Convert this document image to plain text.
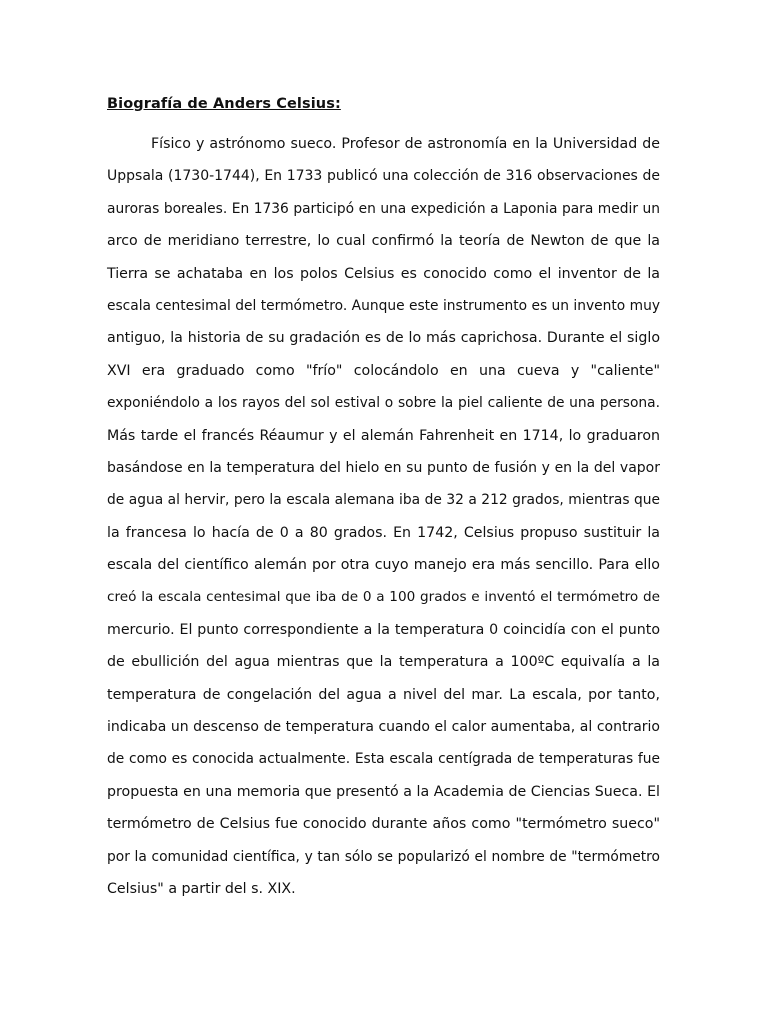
Biografía de Anders Celsius:
Físico y astrónomo sueco. Profesor de astronomía en la Universidad de
Uppsala (1730-1744), En 1733 publicó una colección de 316 observaciones de
auroras boreales. En 1736 participó en una expedición a Laponia para medir un
arco de meridiano terrestre, lo cual confirmó la teoría de Newton de que la
Tierra se achataba en los polos Celsius es conocido como el inventor de la
escala centesimal del termómetro. Aunque este instrumento es un invento muy
antiguo, la historia de su gradación es de lo más caprichosa. Durante el siglo
XVI era graduado como "frío" colocándolo en una cueva y "caliente"
exponiéndolo a los rayos del sol estival o sobre la piel caliente de una persona.
Más tarde el francés Réaumur y el alemán Fahrenheit en 1714, lo graduaron
basándose en la temperatura del hielo en su punto de fusión y en la del vapor
de agua al hervir, pero la escala alemana iba de 32 a 212 grados, mientras que
la francesa lo hacía de 0 a 80 grados. En 1742, Celsius propuso sustituir la
escala del científico alemán por otra cuyo manejo era más sencillo. Para ello
creó la escala centesimal que iba de 0 a 100 grados e inventó el termómetro de
mercurio. El punto correspondiente a la temperatura 0 coincidía con el punto
de ebullición del agua mientras que la temperatura a 100ºC equivalía a la
temperatura de congelación del agua a nivel del mar. La escala, por tanto,
indicaba un descenso de temperatura cuando el calor aumentaba, al contrario
de como es conocida actualmente. Esta escala centígrada de temperaturas fue
propuesta en una memoria que presentó a la Academia de Ciencias Sueca. El
termómetro de Celsius fue conocido durante años como "termómetro sueco"
por la comunidad científica, y tan sólo se popularizó el nombre de "termómetro
Celsius" a partir del s. XIX.
